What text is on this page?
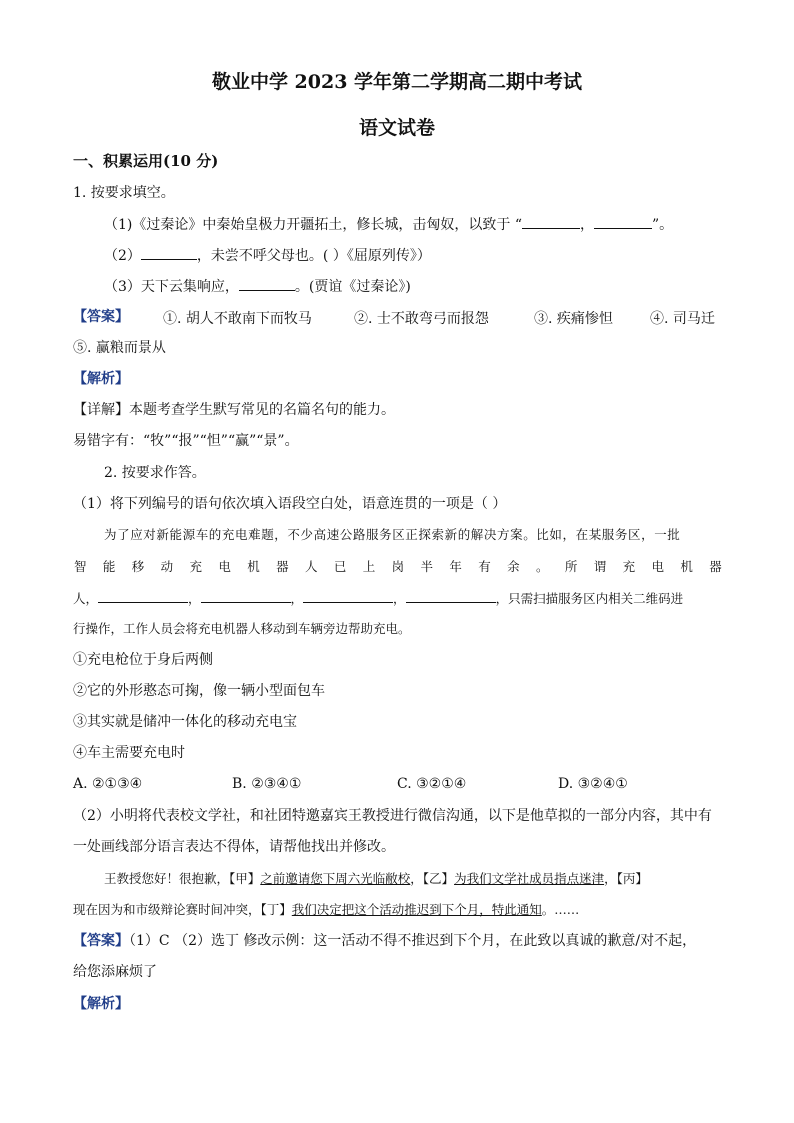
敬业中学 2023 学年第二学期高二期中考试
语文试卷
一、积累运用(10 分)
1. 按要求填空。
（1)《过秦论》中秦始皇极力开疆拓土，修长城，击匈奴，以致于 “	，	”。
（2）	，未尝不呼父母也。( ）《屈原列传》）
（3）天下云集响应，	。(贾谊《过秦论》)
【答案】 ①. 胡人不敢南下而牧马	②. 士不敢弯弓而报怨	③. 疾痛惨怛	④. 司马迁
⑤. 赢粮而景从
【解析】
【详解】本题考查学生默写常见的名篇名句的能力。
易错字有：“牧”“报”“怛”“赢”“景”。
2. 按要求作答。
（1）将下列编号的语句依次填入语段空白处，语意连贯的一项是（ ）
为了应对新能源车的充电难题，不少高速公路服务区正探索新的解决方案。比如，在某服务区，一批
智 能 移 动 充 电 机 器 人 已 上 岗 半 年 有 余 。 所 谓 充 电 机 器
人，	，	，	，	，只需扫描服务区内相关二维码进
行操作，工作人员会将充电机器人移动到车辆旁边帮助充电。
①充电枪位于身后两侧
②它的外形憨态可掬，像一辆小型面包车
③其实就是储冲一体化的移动充电宝
④车主需要充电时
A. ②①③④	B. ②③④①	C. ③②①④	D. ③②④①
（2）小明将代表校文学社，和社团特邀嘉宾王教授进行微信沟通，以下是他草拟的一部分内容，其中有
一处画线部分语言表达不得体，请帮他找出并修改。
王教授您好！很抱歉，【甲】之前邀请您下周六光临敝校，【乙】为我们文学社成员指点迷津，【丙】
现在因为和市级辩论赛时间冲突，【丁】我们决定把这个活动推迟到下个月，特此通知。……
【答案】（1）C （2）选丁 修改示例：这一活动不得不推迟到下个月，在此致以真诚的歉意/对不起，
给您添麻烦了
【解析】
